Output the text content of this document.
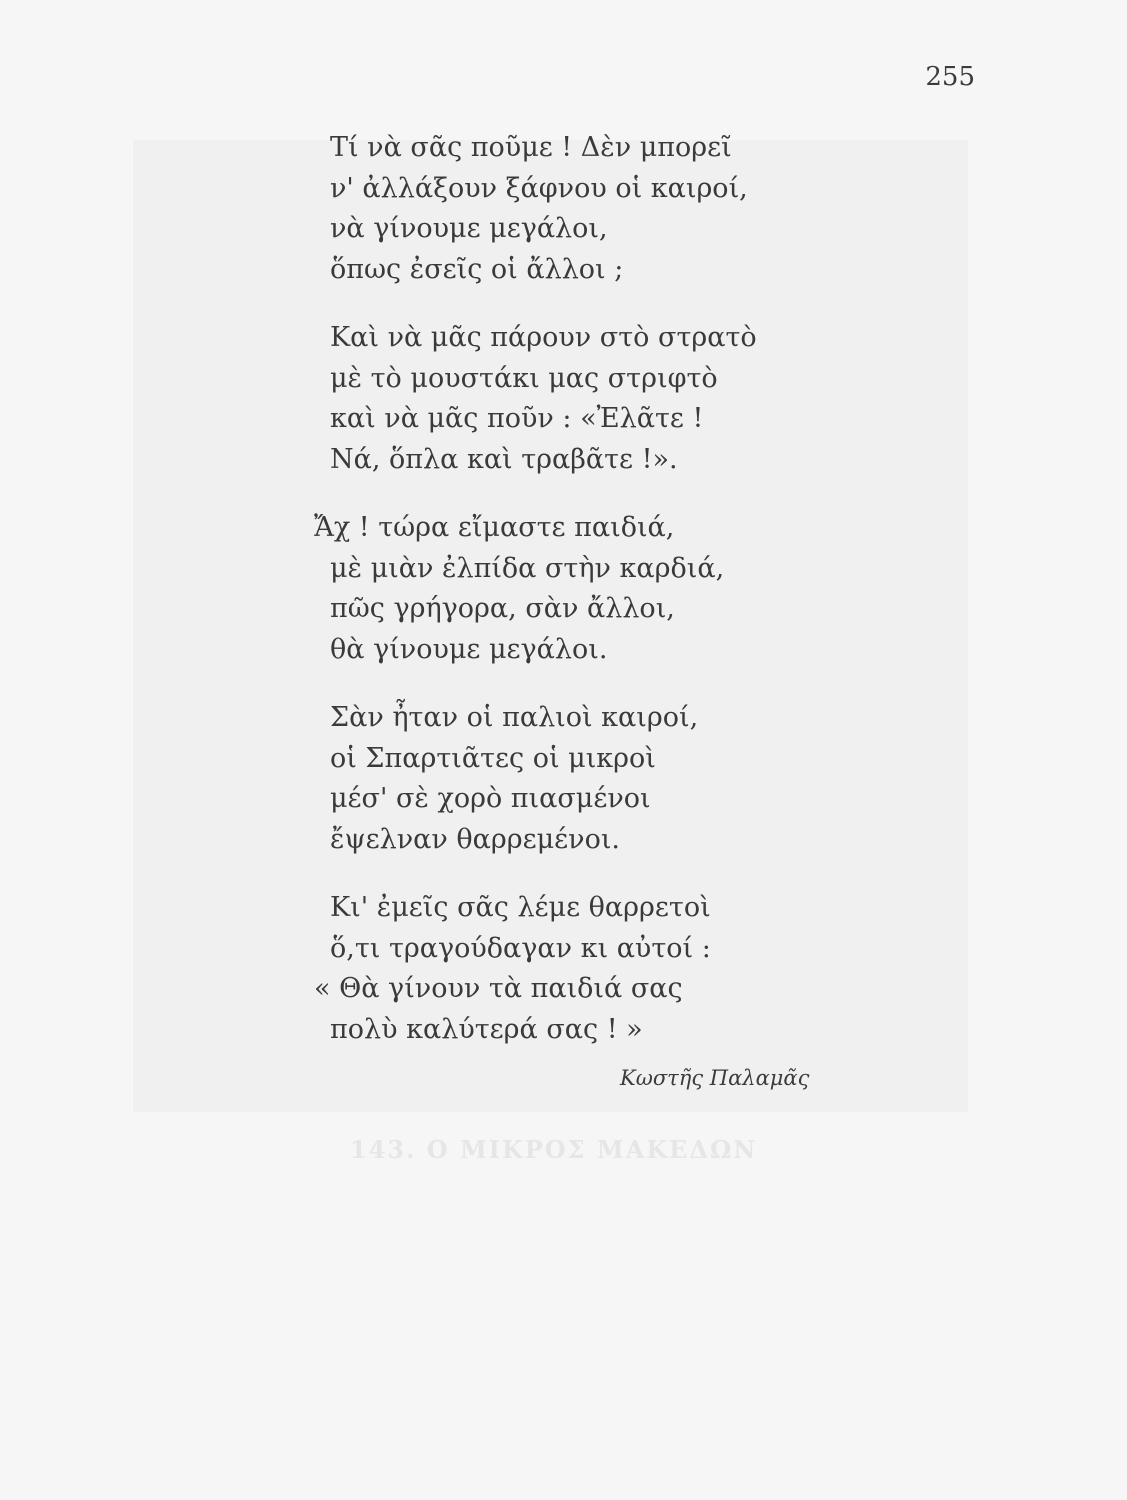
143. Ο ΜΙΚΡΟΣ ΜΑΚΕΔΩΝ
255
Τί νὰ σᾶς ποῦμε ! Δὲν μπορεῖ
ν' ἀλλάξουν ξάφνου οἱ καιροί,
νὰ γίνουμε μεγάλοι,
ὅπως ἐσεῖς οἱ ἄλλοι ;
Καὶ νὰ μᾶς πάρουν στὸ στρατὸ
μὲ τὸ μουστάκι μας στριφτὸ
καὶ νὰ μᾶς ποῦν : «Ἐλᾶτε !
Νά, ὅπλα καὶ τραβᾶτε !».
Ἄχ ! τώρα εἴμαστε παιδιά,
μὲ μιὰν ἐλπίδα στὴν καρδιά,
πῶς γρήγορα, σὰν ἄλλοι,
θὰ γίνουμε μεγάλοι.
Σὰν ἦταν οἱ παλιοὶ καιροί,
οἱ Σπαρτιᾶτες οἱ μικροὶ
μέσ' σὲ χορὸ πιασμένοι
ἔψελναν θαρρεμένοι.
Κι' ἐμεῖς σᾶς λέμε θαρρετοὶ
ὅ,τι τραγούδαγαν κι αὐτοί :
« Θὰ γίνουν τὰ παιδιά σας
πολὺ καλύτερά σας ! »
Κωστῆς Παλαμᾶς
